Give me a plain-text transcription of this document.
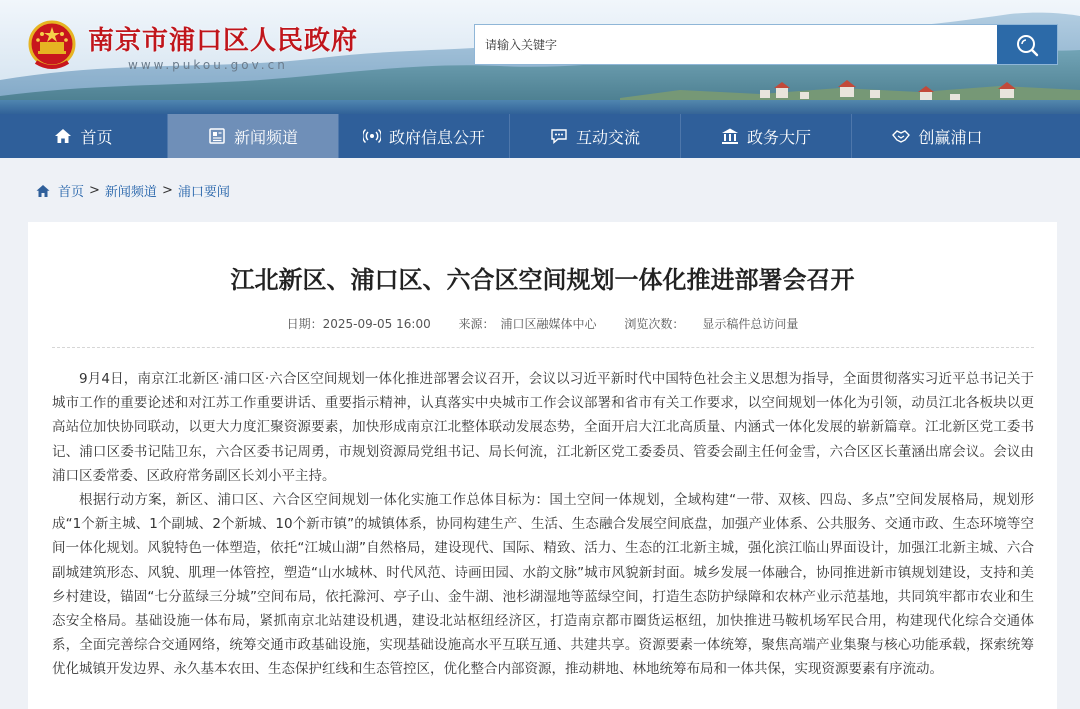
南京市浦口区人民政府
www.pukou.gov.cn
请输入关键字
首页	新闻频道	政府信息公开	互动交流	政务大厅	创赢浦口
首页 > 新闻频道 > 浦口要闻
江北新区、浦口区、六合区空间规划一体化推进部署会召开
日期：2025-09-05 16:00 来源：　浦口区融媒体中心 浏览次数： 显示稿件总访问量

9月4日，南京江北新区·浦口区·六合区空间规划一体化推进部署会议召开，会议以习近平新时代中国特色社会主义思想为指导，全面贯彻落实习近平总书记关于城市工作的重要论述和对江苏工作重要讲话、重要指示精神，认真落实中央城市工作会议部署和省市有关工作要求，以空间规划一体化为引领，动员江北各板块以更高站位加快协同联动，以更大力度汇聚资源要素，加快形成南京江北整体联动发展态势，全面开启大江北高质量、内涵式一体化发展的崭新篇章。江北新区党工委书记、浦口区委书记陆卫东，六合区委书记周勇，市规划资源局党组书记、局长何流，江北新区党工委委员、管委会副主任何金雪，六合区区长董涵出席会议。会议由浦口区委常委、区政府常务副区长刘小平主持。

根据行动方案，新区、浦口区、六合区空间规划一体化实施工作总体目标为：国土空间一体规划，全域构建“一带、双核、四岛、多点”空间发展格局，规划形成“1个新主城、1个副城、2个新城、10个新市镇”的城镇体系，协同构建生产、生活、生态融合发展空间底盘，加强产业体系、公共服务、交通市政、生态环境等空间一体化规划。风貌特色一体塑造，依托“江城山湖”自然格局，建设现代、国际、精致、活力、生态的江北新主城，强化滨江临山界面设计，加强江北新主城、六合副城建筑形态、风貌、肌理一体管控，塑造“山水城林、时代风范、诗画田园、水韵文脉”城市风貌新封面。城乡发展一体融合，协同推进新市镇规划建设，支持和美乡村建设，锚固“七分蓝绿三分城”空间布局，依托滁河、亭子山、金牛湖、池杉湖湿地等蓝绿空间，打造生态防护绿障和农林产业示范基地，共同筑牢都市农业和生态安全格局。基础设施一体布局，紧抓南京北站建设机遇，建设北站枢纽经济区，打造南京都市圈货运枢纽，加快推进马鞍机场军民合用，构建现代化综合交通体系，全面完善综合交通网络，统筹交通市政基础设施，实现基础设施高水平互联互通、共建共享。资源要素一体统筹，聚焦高端产业集聚与核心功能承载，探索统筹优化城镇开发边界、永久基本农田、生态保护红线和生态管控区，优化整合内部资源，推动耕地、林地统筹布局和一体共保，实现资源要素有序流动。
